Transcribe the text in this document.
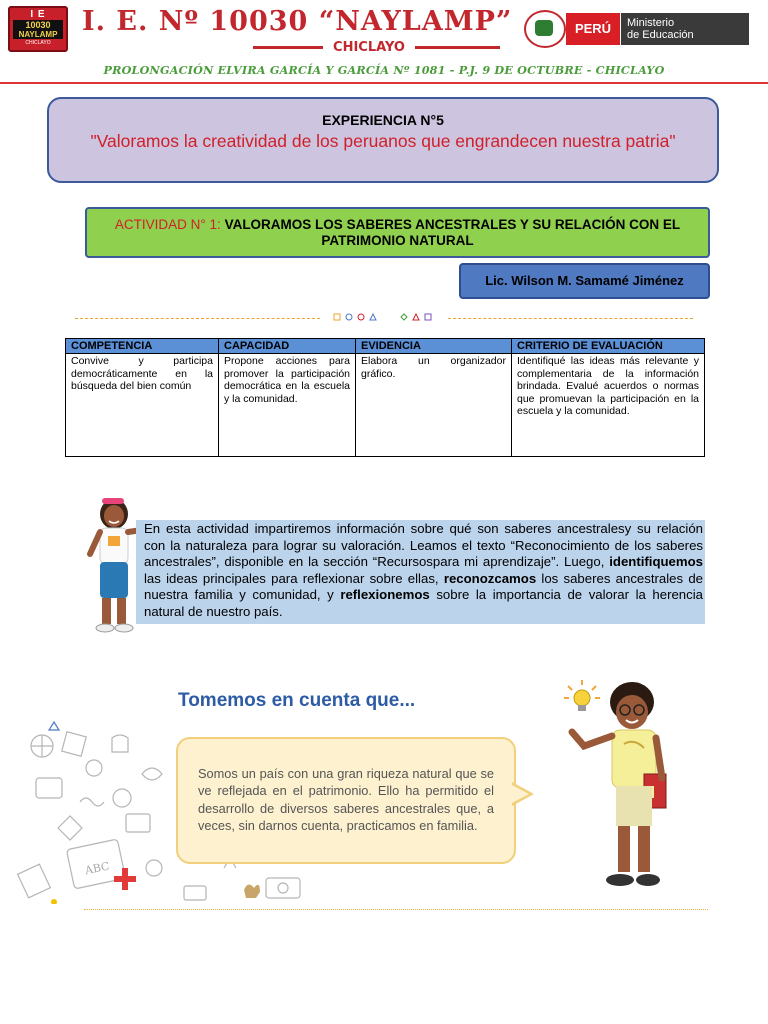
I E
10030
NAYLAMP
CHICLAYO
I. E. Nº 10030 “NAYLAMP”
CHICLAYO
PERÚ	Ministerio
de Educación
PROLONGACIÓN ELVIRA GARCÍA Y GARCÍA Nº 1081 - P.J. 9 DE OCTUBRE - CHICLAYO
EXPERIENCIA N°5
"Valoramos la creatividad de los peruanos que engrandecen nuestra patria"
ACTIVIDAD N° 1: VALORAMOS LOS SABERES ANCESTRALES Y SU RELACIÓN CON EL PATRIMONIO NATURAL
Lic. Wilson M. Samamé Jiménez
COMPETENCIA	CAPACIDAD	EVIDENCIA	CRITERIO DE EVALUACIÓN
Convive y participa democráticamente en la búsqueda del bien común	Propone acciones para promover la participación democrática en la escuela y la comunidad.	Elabora un organizador gráfico.	Identifiqué las ideas más relevante y complementaria de la información brindada. Evalué acuerdos o normas que promuevan la participación en la escuela y la comunidad.
En esta actividad impartiremos información sobre qué son saberes ancestralesy su relación con la naturaleza para lograr su valoración. Leamos el texto “Reconocimiento de los saberes ancestrales”, disponible en la sección “Recursospara mi aprendizaje”. Luego, identifiquemos las ideas principales para reflexionar sobre ellas, reconozcamos los saberes ancestrales de nuestra familia y comunidad, y reflexionemos sobre la importancia de valorar la herencia natural de nuestro país.
Tomemos en cuenta que...
ABC
Somos un país con una gran riqueza natural que se ve reflejada en el patrimonio. Ello ha permitido el desarrollo de diversos saberes ancestrales que, a veces, sin darnos cuenta, practicamos en familia.
